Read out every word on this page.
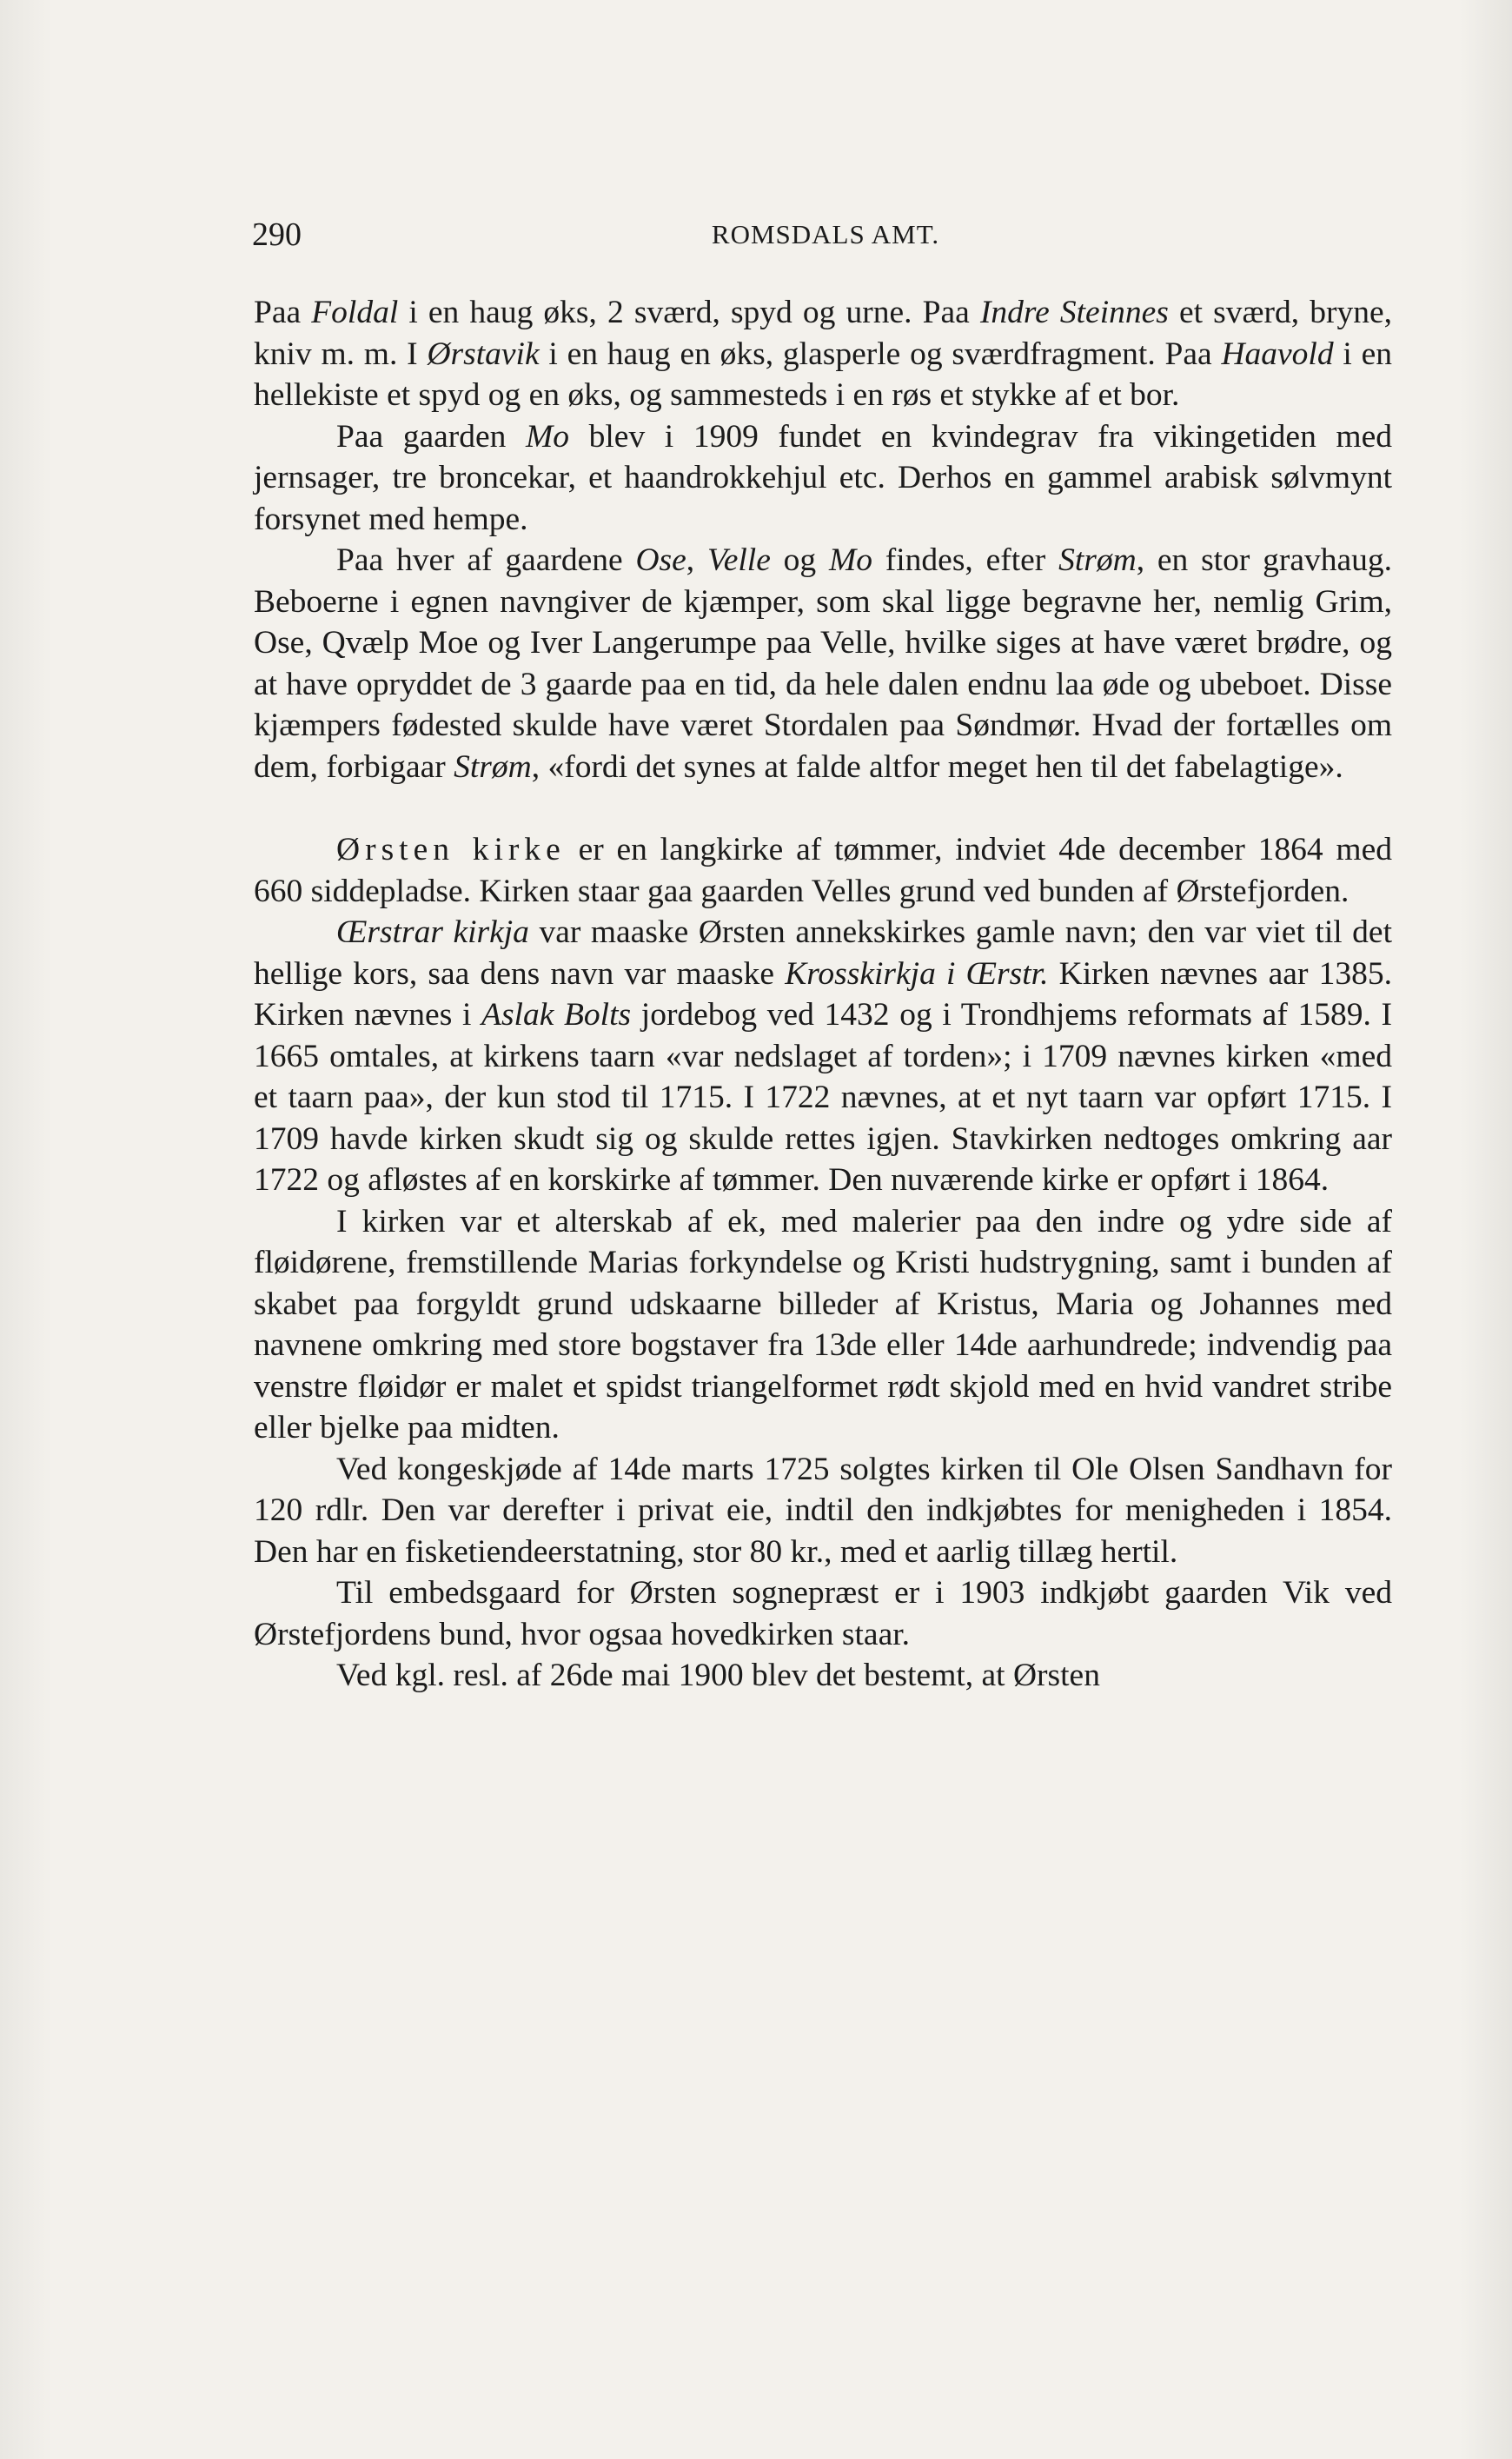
290	ROMSDALS AMT.

Paa Foldal i en haug øks, 2 sværd, spyd og urne. Paa Indre Steinnes et sværd, bryne, kniv m. m. I Ørstavik i en haug en øks, glasperle og sværdfragment. Paa Haavold i en hellekiste et spyd og en øks, og sammesteds i en røs et stykke af et bor.

Paa gaarden Mo blev i 1909 fundet en kvindegrav fra vikingetiden med jernsager, tre broncekar, et haandrokkehjul etc. Derhos en gammel arabisk sølvmynt forsynet med hempe.

Paa hver af gaardene Ose, Velle og Mo findes, efter Strøm, en stor gravhaug. Beboerne i egnen navngiver de kjæmper, som skal ligge begravne her, nemlig Grim, Ose, Qvælp Moe og Iver Langerumpe paa Velle, hvilke siges at have været brødre, og at have opryddet de 3 gaarde paa en tid, da hele dalen endnu laa øde og ubeboet. Disse kjæmpers fødested skulde have været Stordalen paa Søndmør. Hvad der fortælles om dem, forbigaar Strøm, «fordi det synes at falde altfor meget hen til det fabelagtige».

Ørsten kirke er en langkirke af tømmer, indviet 4de december 1864 med 660 siddepladse. Kirken staar gaa gaarden Velles grund ved bunden af Ørstefjorden.

Œrstrar kirkja var maaske Ørsten annekskirkes gamle navn; den var viet til det hellige kors, saa dens navn var maaske Krosskirkja i Œrstr. Kirken nævnes aar 1385. Kirken nævnes i Aslak Bolts jordebog ved 1432 og i Trondhjems reformats af 1589. I 1665 omtales, at kirkens taarn «var nedslaget af torden»; i 1709 nævnes kirken «med et taarn paa», der kun stod til 1715. I 1722 nævnes, at et nyt taarn var opført 1715. I 1709 havde kirken skudt sig og skulde rettes igjen. Stavkirken nedtoges omkring aar 1722 og afløstes af en korskirke af tømmer. Den nuværende kirke er opført i 1864.

I kirken var et alterskab af ek, med malerier paa den indre og ydre side af fløidørene, fremstillende Marias forkyndelse og Kristi hudstrygning, samt i bunden af skabet paa forgyldt grund udskaarne billeder af Kristus, Maria og Johannes med navnene omkring med store bogstaver fra 13de eller 14de aarhundrede; indvendig paa venstre fløidør er malet et spidst triangelformet rødt skjold med en hvid vandret stribe eller bjelke paa midten.

Ved kongeskjøde af 14de marts 1725 solgtes kirken til Ole Olsen Sandhavn for 120 rdlr. Den var derefter i privat eie, indtil den indkjøbtes for menigheden i 1854. Den har en fisketiendeerstatning, stor 80 kr., med et aarlig tillæg hertil.

Til embedsgaard for Ørsten sognepræst er i 1903 indkjøbt gaarden Vik ved Ørstefjordens bund, hvor ogsaa hovedkirken staar.

Ved kgl. resl. af 26de mai 1900 blev det bestemt, at Ørsten
